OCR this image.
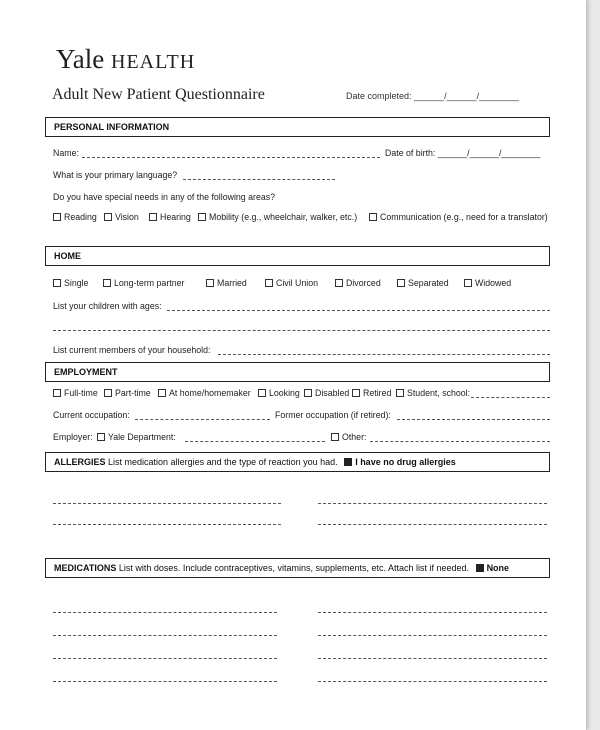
Yale HEALTH
Adult New Patient Questionnaire	Date completed: ______/______/________
PERSONAL INFORMATION
Name:	Date of birth: ______/______/________
What is your primary language?
Do you have special needs in any of the following areas?
Reading	Vision	Hearing	Mobility (e.g., wheelchair, walker, etc.)	Communication (e.g., need for a translator)
HOME
Single	Long-term partner	Married	Civil Union	Divorced	Separated	Widowed
List your children with ages:
List current members of your household:
EMPLOYMENT
Full-time	Part-time	At home/homemaker	Looking	Disabled	Retired	Student, school:
Current occupation:	Former occupation (if retired):
Employer:	Yale Department:	Other:
ALLERGIES List medication allergies and the type of reaction you had. I have no drug allergies
MEDICATIONS List with doses. Include contraceptives, vitamins, supplements, etc. Attach list if needed. None
